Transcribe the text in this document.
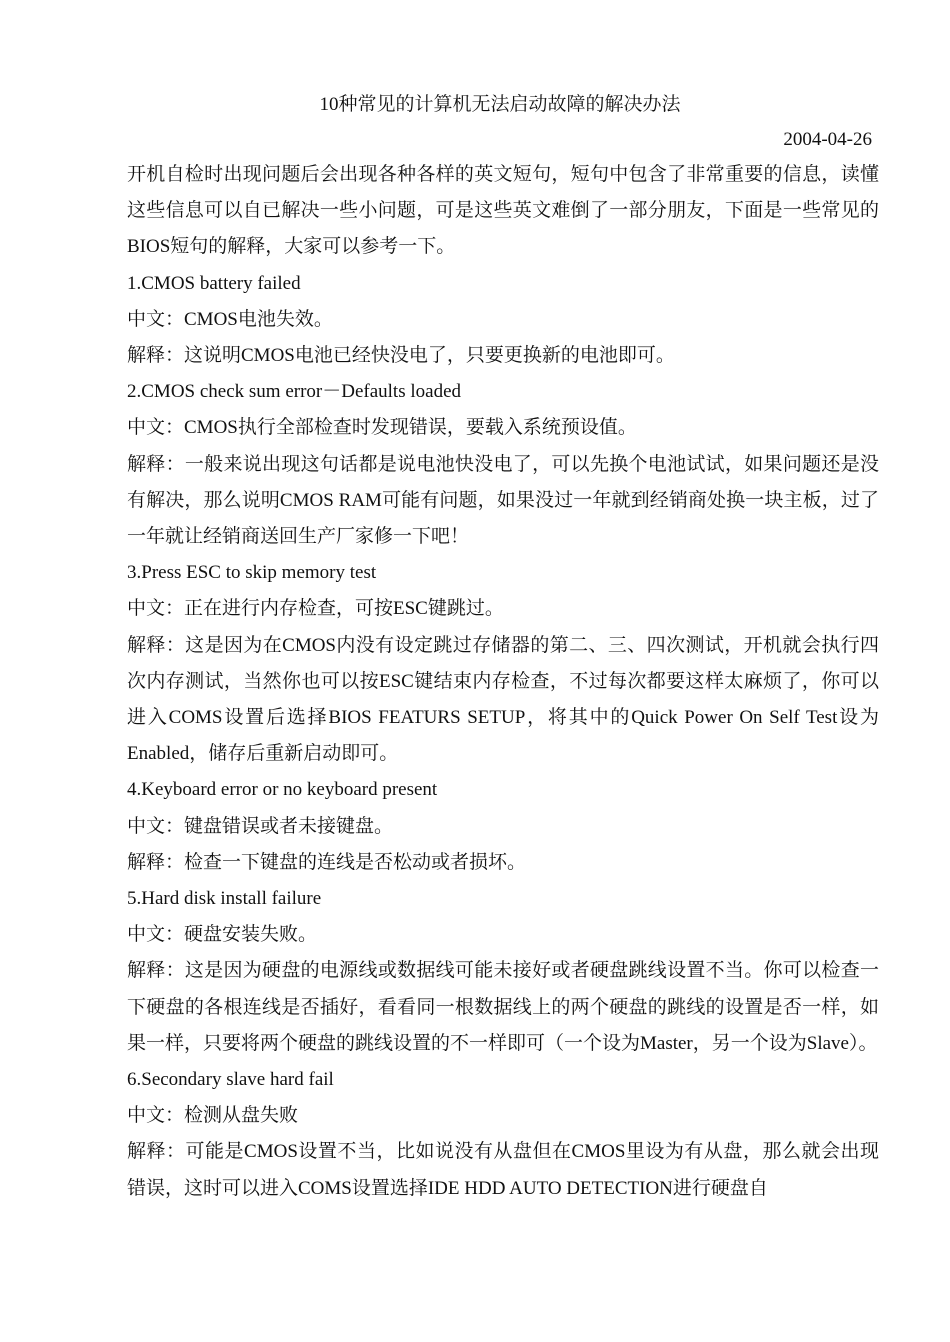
10种常见的计算机无法启动故障的解决办法
2004-04-26

开机自检时出现问题后会出现各种各样的英文短句，短句中包含了非常重要的信息，读懂这些信息可以自已解决一些小问题，可是这些英文难倒了一部分朋友，下面是一些常见的BIOS短句的解释，大家可以参考一下。

1.CMOS battery failed

中文：CMOS电池失效。

解释：这说明CMOS电池已经快没电了，只要更换新的电池即可。

2.CMOS check sum error－Defaults loaded

中文：CMOS执行全部检查时发现错误，要载入系统预设值。

解释：一般来说出现这句话都是说电池快没电了，可以先换个电池试试，如果问题还是没有解决，那么说明CMOS RAM可能有问题，如果没过一年就到经销商处换一块主板，过了一年就让经销商送回生产厂家修一下吧！

3.Press ESC to skip memory test

中文：正在进行内存检查，可按ESC键跳过。

解释：这是因为在CMOS内没有设定跳过存储器的第二、三、四次测试，开机就会执行四次内存测试，当然你也可以按ESC键结束内存检查，不过每次都要这样太麻烦了，你可以进入COMS设置后选择BIOS FEATURS SETUP，将其中的Quick Power On Self Test设为Enabled，储存后重新启动即可。

4.Keyboard error or no keyboard present

中文：键盘错误或者未接键盘。

解释：检查一下键盘的连线是否松动或者损坏。

5.Hard disk install failure

中文：硬盘安装失败。

解释：这是因为硬盘的电源线或数据线可能未接好或者硬盘跳线设置不当。你可以检查一下硬盘的各根连线是否插好，看看同一根数据线上的两个硬盘的跳线的设置是否一样，如果一样，只要将两个硬盘的跳线设置的不一样即可（一个设为Master，另一个设为Slave）。

6.Secondary slave hard fail

中文：检测从盘失败

解释：可能是CMOS设置不当，比如说没有从盘但在CMOS里设为有从盘，那么就会出现错误，这时可以进入COMS设置选择IDE HDD AUTO DETECTION进行硬盘自
